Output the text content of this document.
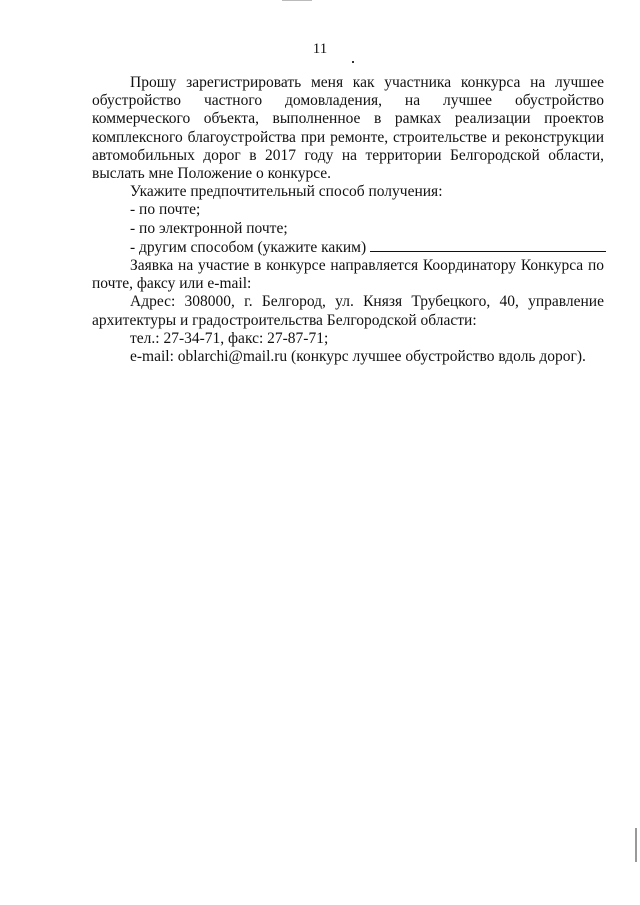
11

Прошу зарегистрировать меня как участника конкурса на лучшее обустройство частного домовладения, на лучшее обустройство коммерческого объекта, выполненное в рамках реализации проектов комплексного благоустройства при ремонте, строительстве и реконструкции автомобильных дорог в 2017 году на территории Белгородской области, выслать мне Положение о конкурсе.

Укажите предпочтительный способ получения:

- по почте;

- по электронной почте;

- другим способом (укажите каким)

Заявка на участие в конкурсе направляется Координатору Конкурса по почте, факсу или e-mail:

Адрес: 308000, г. Белгород, ул. Князя Трубецкого, 40, управление архитектуры и градостроительства Белгородской области:

тел.: 27-34-71, факс: 27-87-71;

e-mail: oblarchi@mail.ru (конкурс лучшее обустройство вдоль дорог).
